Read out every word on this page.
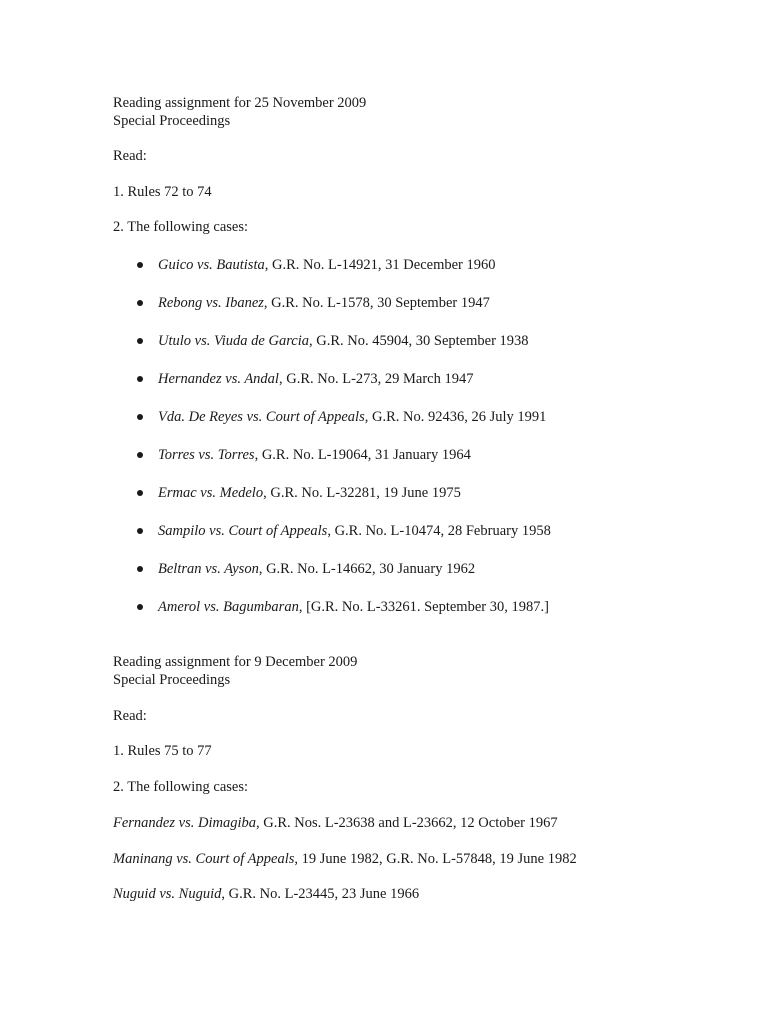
Reading assignment for 25 November 2009
Special Proceedings
Read:
1. Rules 72 to 74
2. The following cases:
Guico vs. Bautista, G.R. No. L-14921, 31 December 1960
Rebong vs. Ibanez, G.R. No. L-1578, 30 September 1947
Utulo vs. Viuda de Garcia, G.R. No. 45904, 30 September 1938
Hernandez vs. Andal, G.R. No. L-273, 29 March 1947
Vda. De Reyes vs. Court of Appeals, G.R. No. 92436, 26 July 1991
Torres vs. Torres, G.R. No. L-19064, 31 January 1964
Ermac vs. Medelo, G.R. No. L-32281, 19 June 1975
Sampilo vs. Court of Appeals, G.R. No. L-10474, 28 February 1958
Beltran vs. Ayson, G.R. No. L-14662, 30 January 1962
Amerol vs. Bagumbaran, [G.R. No. L-33261. September 30, 1987.]
Reading assignment for 9 December 2009
Special Proceedings
Read:
1. Rules 75 to 77
2. The following cases:
Fernandez vs. Dimagiba, G.R. Nos. L-23638 and L-23662, 12 October 1967
Maninang vs. Court of Appeals, 19 June 1982, G.R. No. L-57848, 19 June 1982
Nuguid vs. Nuguid, G.R. No. L-23445, 23 June 1966
